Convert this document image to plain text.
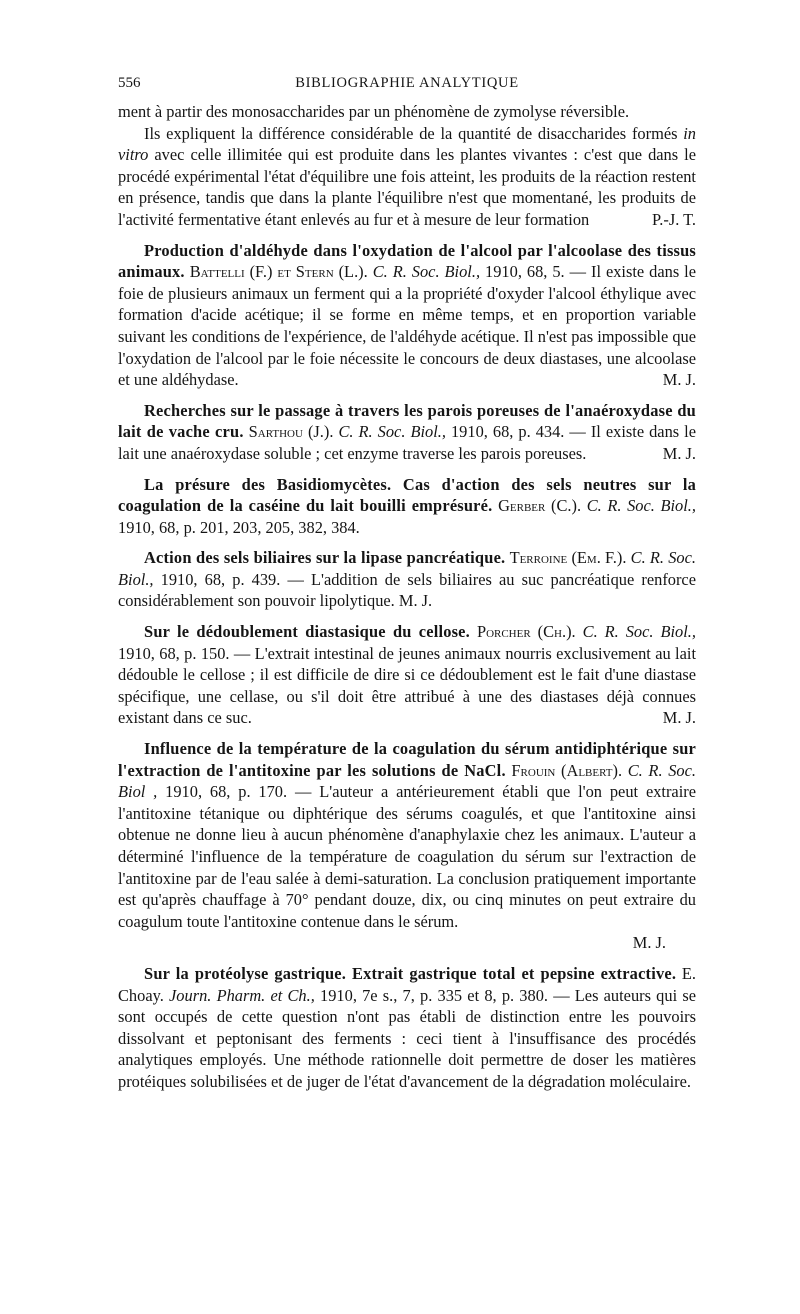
556	BIBLIOGRAPHIE ANALYTIQUE

ment à partir des monosaccharides par un phénomène de zymolyse réversible.

Ils expliquent la différence considérable de la quantité de disaccharides formés in vitro avec celle illimitée qui est produite dans les plantes vivantes : c'est que dans le procédé expérimental l'état d'équilibre une fois atteint, les produits de la réaction restent en présence, tandis que dans la plante l'équilibre n'est que momentané, les produits de l'activité fermentative étant enlevés au fur et à mesure de leur formation	P.-J. T.

Production d'aldéhyde dans l'oxydation de l'alcool par l'alcoolase des tissus animaux. Battelli (F.) et Stern (L.). C. R. Soc. Biol., 1910, 68, 5. — Il existe dans le foie de plusieurs animaux un ferment qui a la propriété d'oxyder l'alcool éthylique avec formation d'acide acétique; il se forme en même temps, et en proportion variable suivant les conditions de l'expérience, de l'aldéhyde acétique. Il n'est pas impossible que l'oxydation de l'alcool par le foie nécessite le concours de deux diastases, une alcoolase et une aldéhydase.	M. J.

Recherches sur le passage à travers les parois poreuses de l'anaéroxydase du lait de vache cru. Sarthou (J.). C. R. Soc. Biol., 1910, 68, p. 434. — Il existe dans le lait une anaéroxydase soluble ; cet enzyme traverse les parois poreuses.	M. J.

La présure des Basidiomycètes. Cas d'action des sels neutres sur la coagulation de la caséine du lait bouilli emprésuré. Gerber (C.). C. R. Soc. Biol., 1910, 68, p. 201, 203, 205, 382, 384.

Action des sels biliaires sur la lipase pancréatique. Terroine (Em. F.). C. R. Soc. Biol., 1910, 68, p. 439. — L'addition de sels biliaires au suc pancréatique renforce considérablement son pouvoir lipolytique. M. J.

Sur le dédoublement diastasique du cellose. Porcher (Ch.). C. R. Soc. Biol., 1910, 68, p. 150. — L'extrait intestinal de jeunes animaux nourris exclusivement au lait dédouble le cellose ; il est difficile de dire si ce dédoublement est le fait d'une diastase spécifique, une cellase, ou s'il doit être attribué à une des diastases déjà connues existant dans ce suc.	M. J.

Influence de la température de la coagulation du sérum antidiphtérique sur l'extraction de l'antitoxine par les solutions de NaCl. Frouin (Albert). C. R. Soc. Biol , 1910, 68, p. 170. — L'auteur a antérieurement établi que l'on peut extraire l'antitoxine tétanique ou diphtérique des sérums coagulés, et que l'antitoxine ainsi obtenue ne donne lieu à aucun phénomène d'anaphylaxie chez les animaux. L'auteur a déterminé l'influence de la température de coagulation du sérum sur l'extraction de l'antitoxine par de l'eau salée à demi-saturation. La conclusion pratiquement importante est qu'après chauffage à 70° pendant douze, dix, ou cinq minutes on peut extraire du coagulum toute l'antitoxine contenue dans le sérum.

M. J.

Sur la protéolyse gastrique. Extrait gastrique total et pepsine extractive. E. Choay. Journ. Pharm. et Ch., 1910, 7e s., 7, p. 335 et 8, p. 380. — Les auteurs qui se sont occupés de cette question n'ont pas établi de distinction entre les pouvoirs dissolvant et peptonisant des ferments : ceci tient à l'insuffisance des procédés analytiques employés. Une méthode rationnelle doit permettre de doser les matières protéiques solubilisées et de juger de l'état d'avancement de la dégradation moléculaire.
